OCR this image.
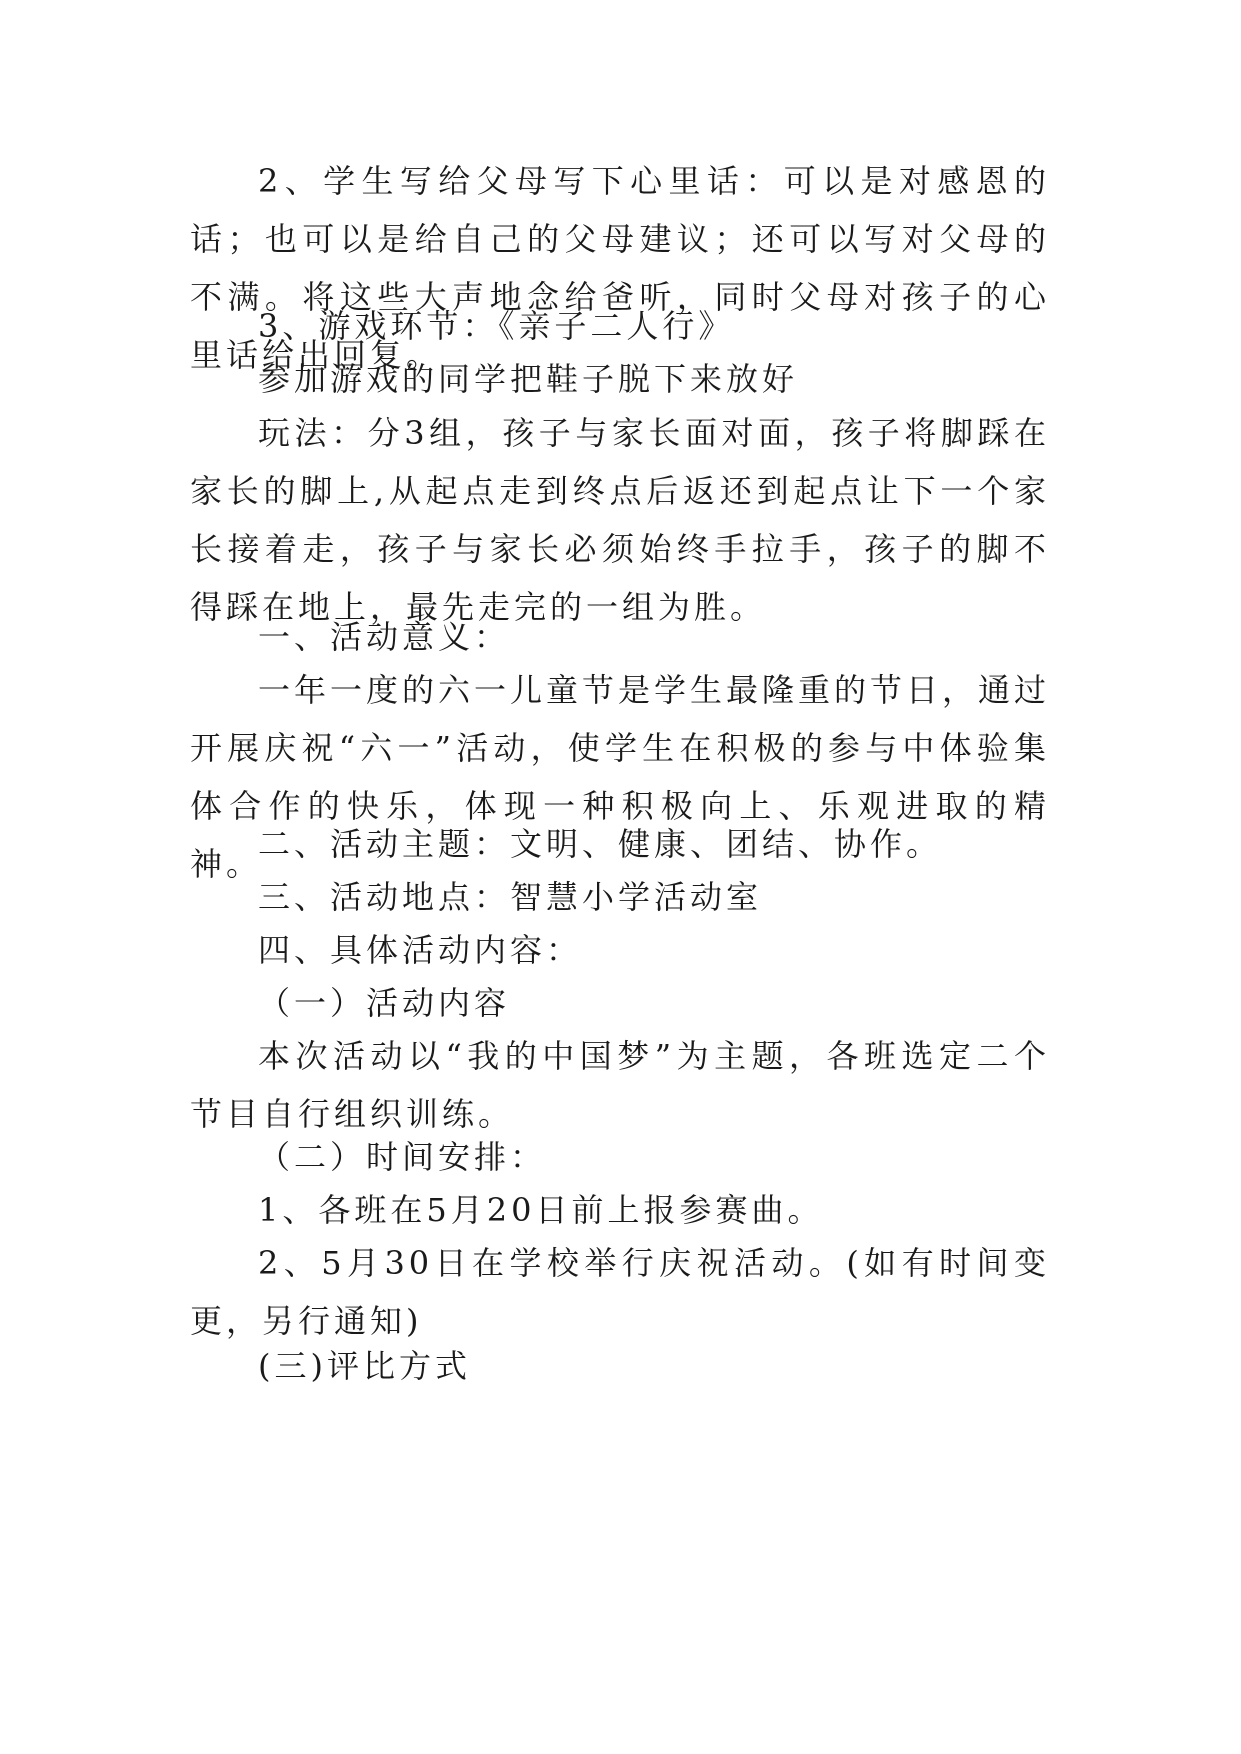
2、学生写给父母写下心里话：可以是对感恩的话；也可以是给自己的父母建议；还可以写对父母的不满。将这些大声地念给爸听，同时父母对孩子的心里话给出回复。

3、游戏环节：《亲子二人行》

参加游戏的同学把鞋子脱下来放好

玩法：分3组，孩子与家长面对面，孩子将脚踩在家长的脚上,从起点走到终点后返还到起点让下一个家长接着走，孩子与家长必须始终手拉手，孩子的脚不得踩在地上，最先走完的一组为胜。

一、活动意义：

一年一度的六一儿童节是学生最隆重的节日，通过开展庆祝“六一”活动，使学生在积极的参与中体验集体合作的快乐，体现一种积极向上、乐观进取的精神。

二、活动主题：文明、健康、团结、协作。

三、活动地点：智慧小学活动室

四、具体活动内容：

（一）活动内容

本次活动以“我的中国梦”为主题，各班选定二个节目自行组织训练。

（二）时间安排：

1、各班在5月20日前上报参赛曲。

2、5月30日在学校举行庆祝活动。(如有时间变更，另行通知)

(三)评比方式
